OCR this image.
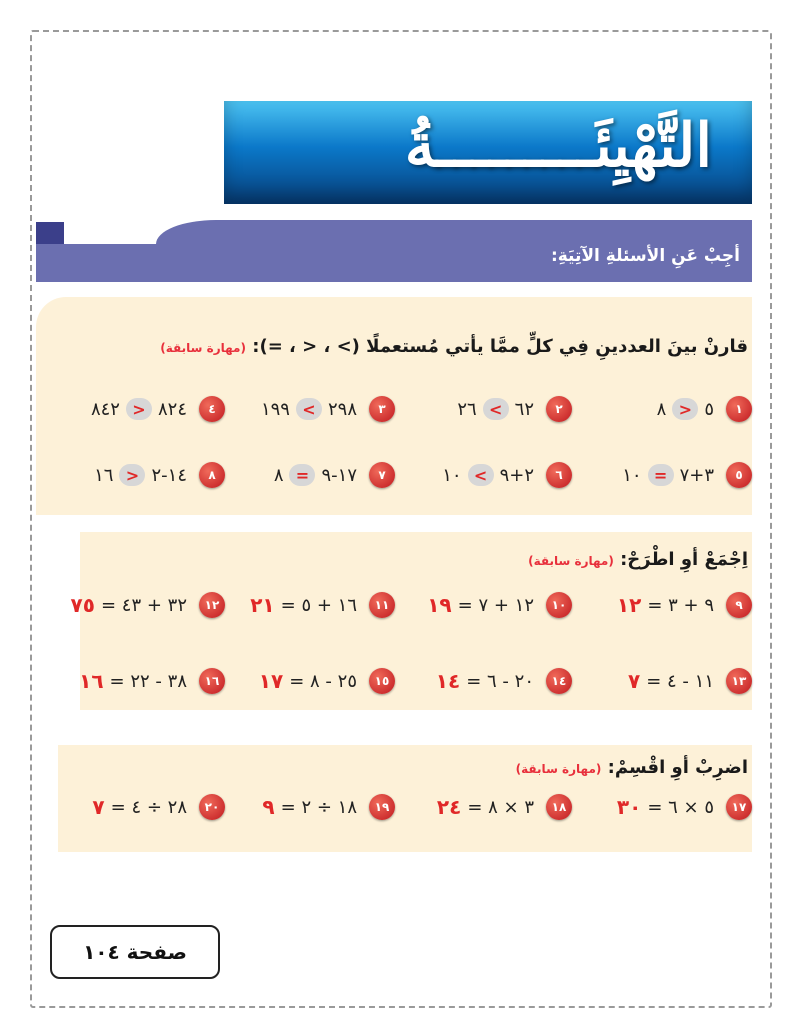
التَّهْيِئَـــــــــةُ
أجِبْ عَنِ الأسئلةِ الآتِيَةِ:
قارنْ بينَ العددينِ فِي كلٍّ ممَّا يأتي مُستعملًا (> ، < ، =): (مهارة سابقة)
اِجْمَعْ أوِ اطْرَحْ: (مهارة سابقة)
اضرِبْ أوِ اقْسِمْ: (مهارة سابقة)
١
٨ > ٥
٢
٢٦ < ٦٢
٣
١٩٩ < ٢٩٨
٤
٨٤٢ > ٨٢٤
٥
١٠ = ٣+٧
٦
١٠ < ٢+٩
٧
٨ = ١٧-٩
٨
١٦ > ١٤-٢
٩
١٢ ٩ + ٣ =
١٠
١٩ ١٢ + ٧ =
١١
٢١ ١٦ + ٥ =
١٢
٧٥ ٣٢ + ٤٣ =
١٣
٧ ١١ - ٤ =
١٤
١٤ ٢٠ - ٦ =
١٥
١٧ ٢٥ - ٨ =
١٦
١٦ ٣٨ - ٢٢ =
١٧
٣٠ ٥ × ٦ =
١٨
٢٤ ٣ × ٨ =
١٩
٩ ١٨ ÷ ٢ =
٢٠
٧ ٢٨ ÷ ٤ =
صفحة ١٠٤
